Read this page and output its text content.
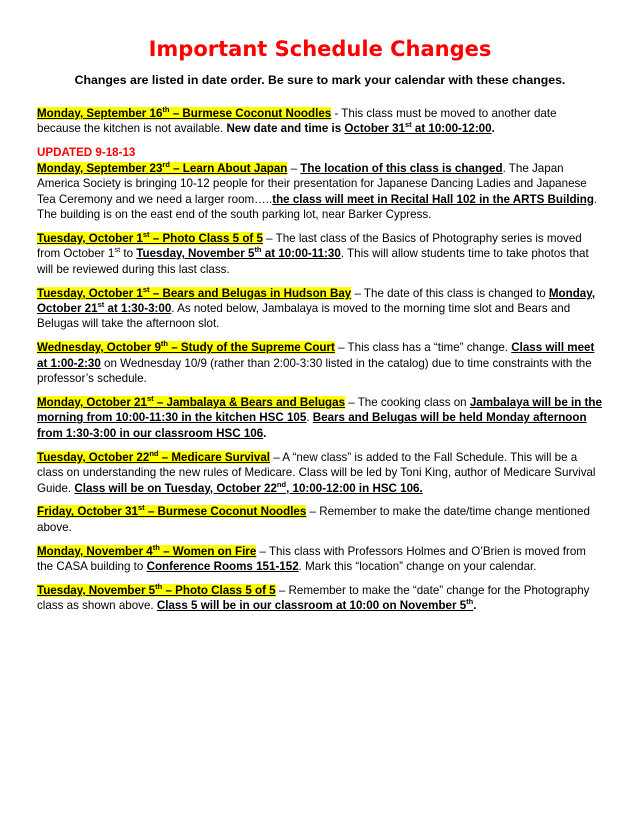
Important Schedule Changes
Changes are listed in date order. Be sure to mark your calendar with these changes.
Monday, September 16th – Burmese Coconut Noodles - This class must be moved to another date because the kitchen is not available. New date and time is October 31st at 10:00-12:00.
UPDATED 9-18-13
Monday, September 23rd – Learn About Japan – The location of this class is changed. The Japan America Society is bringing 10-12 people for their presentation for Japanese Dancing Ladies and Japanese Tea Ceremony and we need a larger room…..the class will meet in Recital Hall 102 in the ARTS Building. The building is on the east end of the south parking lot, near Barker Cypress.
Tuesday, October 1st – Photo Class 5 of 5 – The last class of the Basics of Photography series is moved from October 1st to Tuesday, November 5th at 10:00-11:30. This will allow students time to take photos that will be reviewed during this last class.
Tuesday, October 1st – Bears and Belugas in Hudson Bay – The date of this class is changed to Monday, October 21st at 1:30-3:00. As noted below, Jambalaya is moved to the morning time slot and Bears and Belugas will take the afternoon slot.
Wednesday, October 9th – Study of the Supreme Court – This class has a “time” change. Class will meet at 1:00-2:30 on Wednesday 10/9 (rather than 2:00-3:30 listed in the catalog) due to time constraints with the professor’s schedule.
Monday, October 21st – Jambalaya & Bears and Belugas – The cooking class on Jambalaya will be in the morning from 10:00-11:30 in the kitchen HSC 105. Bears and Belugas will be held Monday afternoon from 1:30-3:00 in our classroom HSC 106.
Tuesday, October 22nd – Medicare Survival – A “new class” is added to the Fall Schedule. This will be a class on understanding the new rules of Medicare. Class will be led by Toni King, author of Medicare Survival Guide. Class will be on Tuesday, October 22nd, 10:00-12:00 in HSC 106.
Friday, October 31st – Burmese Coconut Noodles – Remember to make the date/time change mentioned above.
Monday, November 4th – Women on Fire – This class with Professors Holmes and O’Brien is moved from the CASA building to Conference Rooms 151-152. Mark this “location” change on your calendar.
Tuesday, November 5th – Photo Class 5 of 5 – Remember to make the “date” change for the Photography class as shown above. Class 5 will be in our classroom at 10:00 on November 5th.
